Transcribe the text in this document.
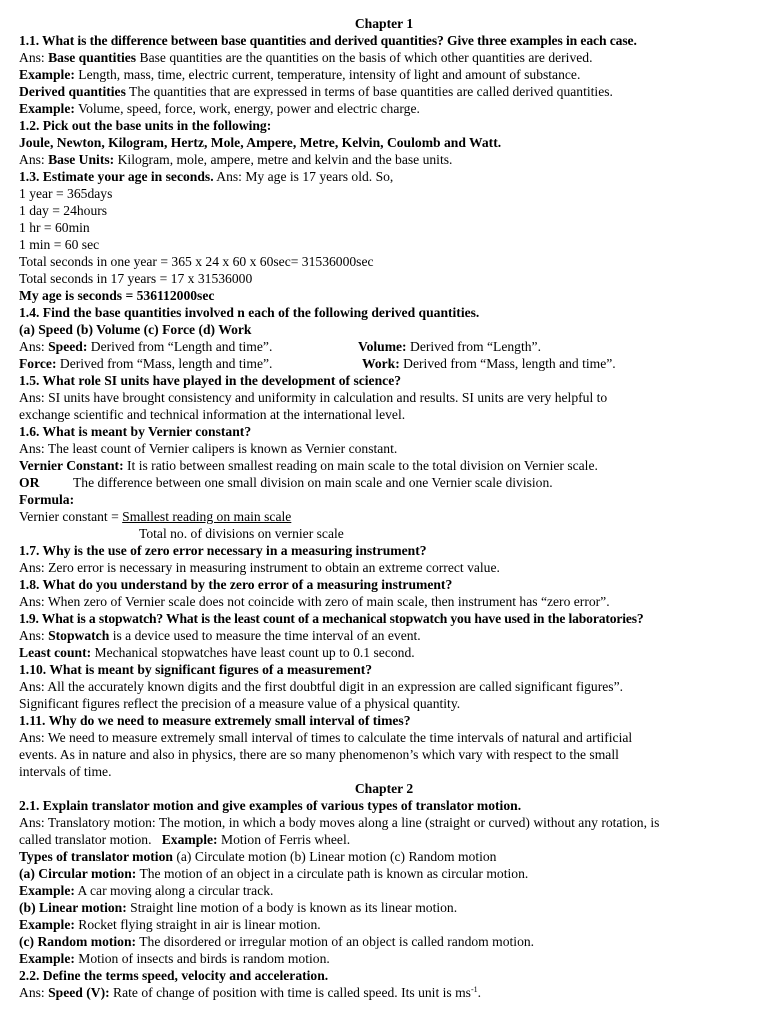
Chapter 1
1.1. What is the difference between base quantities and derived quantities? Give three examples in each case.
Ans: Base quantities Base quantities are the quantities on the basis of which other quantities are derived.
Example: Length, mass, time, electric current, temperature, intensity of light and amount of substance.
Derived quantities The quantities that are expressed in terms of base quantities are called derived quantities.
Example: Volume, speed, force, work, energy, power and electric charge.
1.2. Pick out the base units in the following:
Joule, Newton, Kilogram, Hertz, Mole, Ampere, Metre, Kelvin, Coulomb and Watt.
Ans: Base Units: Kilogram, mole, ampere, metre and kelvin and the base units.
1.3. Estimate your age in seconds. Ans: My age is 17 years old. So,
1 year = 365days
1 day = 24hours
1 hr = 60min
1 min = 60 sec
Total seconds in one year = 365 x 24 x 60 x 60sec= 31536000sec
Total seconds in 17 years = 17 x 31536000
My age is seconds = 536112000sec
1.4. Find the base quantities involved n each of the following derived quantities.
(a) Speed (b) Volume (c) Force (d) Work
Ans: Speed: Derived from “Length and time”.	Volume: Derived from “Length”.
Force: Derived from “Mass, length and time”.	Work: Derived from “Mass, length and time”.
1.5. What role SI units have played in the development of science?
Ans: SI units have brought consistency and uniformity in calculation and results. SI units are very helpful to
exchange scientific and technical information at the international level.
1.6. What is meant by Vernier constant?
Ans: The least count of Vernier calipers is known as Vernier constant.
Vernier Constant: It is ratio between smallest reading on main scale to the total division on Vernier scale.
OR	The difference between one small division on main scale and one Vernier scale division.
Formula:
Vernier constant = Smallest reading on main scale
Total no. of divisions on vernier scale
1.7. Why is the use of zero error necessary in a measuring instrument?
Ans: Zero error is necessary in measuring instrument to obtain an extreme correct value.
1.8. What do you understand by the zero error of a measuring instrument?
Ans: When zero of Vernier scale does not coincide with zero of main scale, then instrument has “zero error”.
1.9. What is a stopwatch? What is the least count of a mechanical stopwatch you have used in the laboratories?
Ans: Stopwatch is a device used to measure the time interval of an event.
Least count: Mechanical stopwatches have least count up to 0.1 second.
1.10. What is meant by significant figures of a measurement?
Ans: All the accurately known digits and the first doubtful digit in an expression are called significant figures”.
Significant figures reflect the precision of a measure value of a physical quantity.
1.11. Why do we need to measure extremely small interval of times?
Ans: We need to measure extremely small interval of times to calculate the time intervals of natural and artificial
events. As in nature and also in physics, there are so many phenomenon’s which vary with respect to the small
intervals of time.
Chapter 2
2.1. Explain translator motion and give examples of various types of translator motion.
Ans: Translatory motion: The motion, in which a body moves along a line (straight or curved) without any rotation, is
called translator motion. Example: Motion of Ferris wheel.
Types of translator motion (a) Circulate motion (b) Linear motion (c) Random motion
(a) Circular motion: The motion of an object in a circulate path is known as circular motion.
Example: A car moving along a circular track.
(b) Linear motion: Straight line motion of a body is known as its linear motion.
Example: Rocket flying straight in air is linear motion.
(c) Random motion: The disordered or irregular motion of an object is called random motion.
Example: Motion of insects and birds is random motion.
2.2. Define the terms speed, velocity and acceleration.
Ans: Speed (V): Rate of change of position with time is called speed. Its unit is $ms^{-1}$.
